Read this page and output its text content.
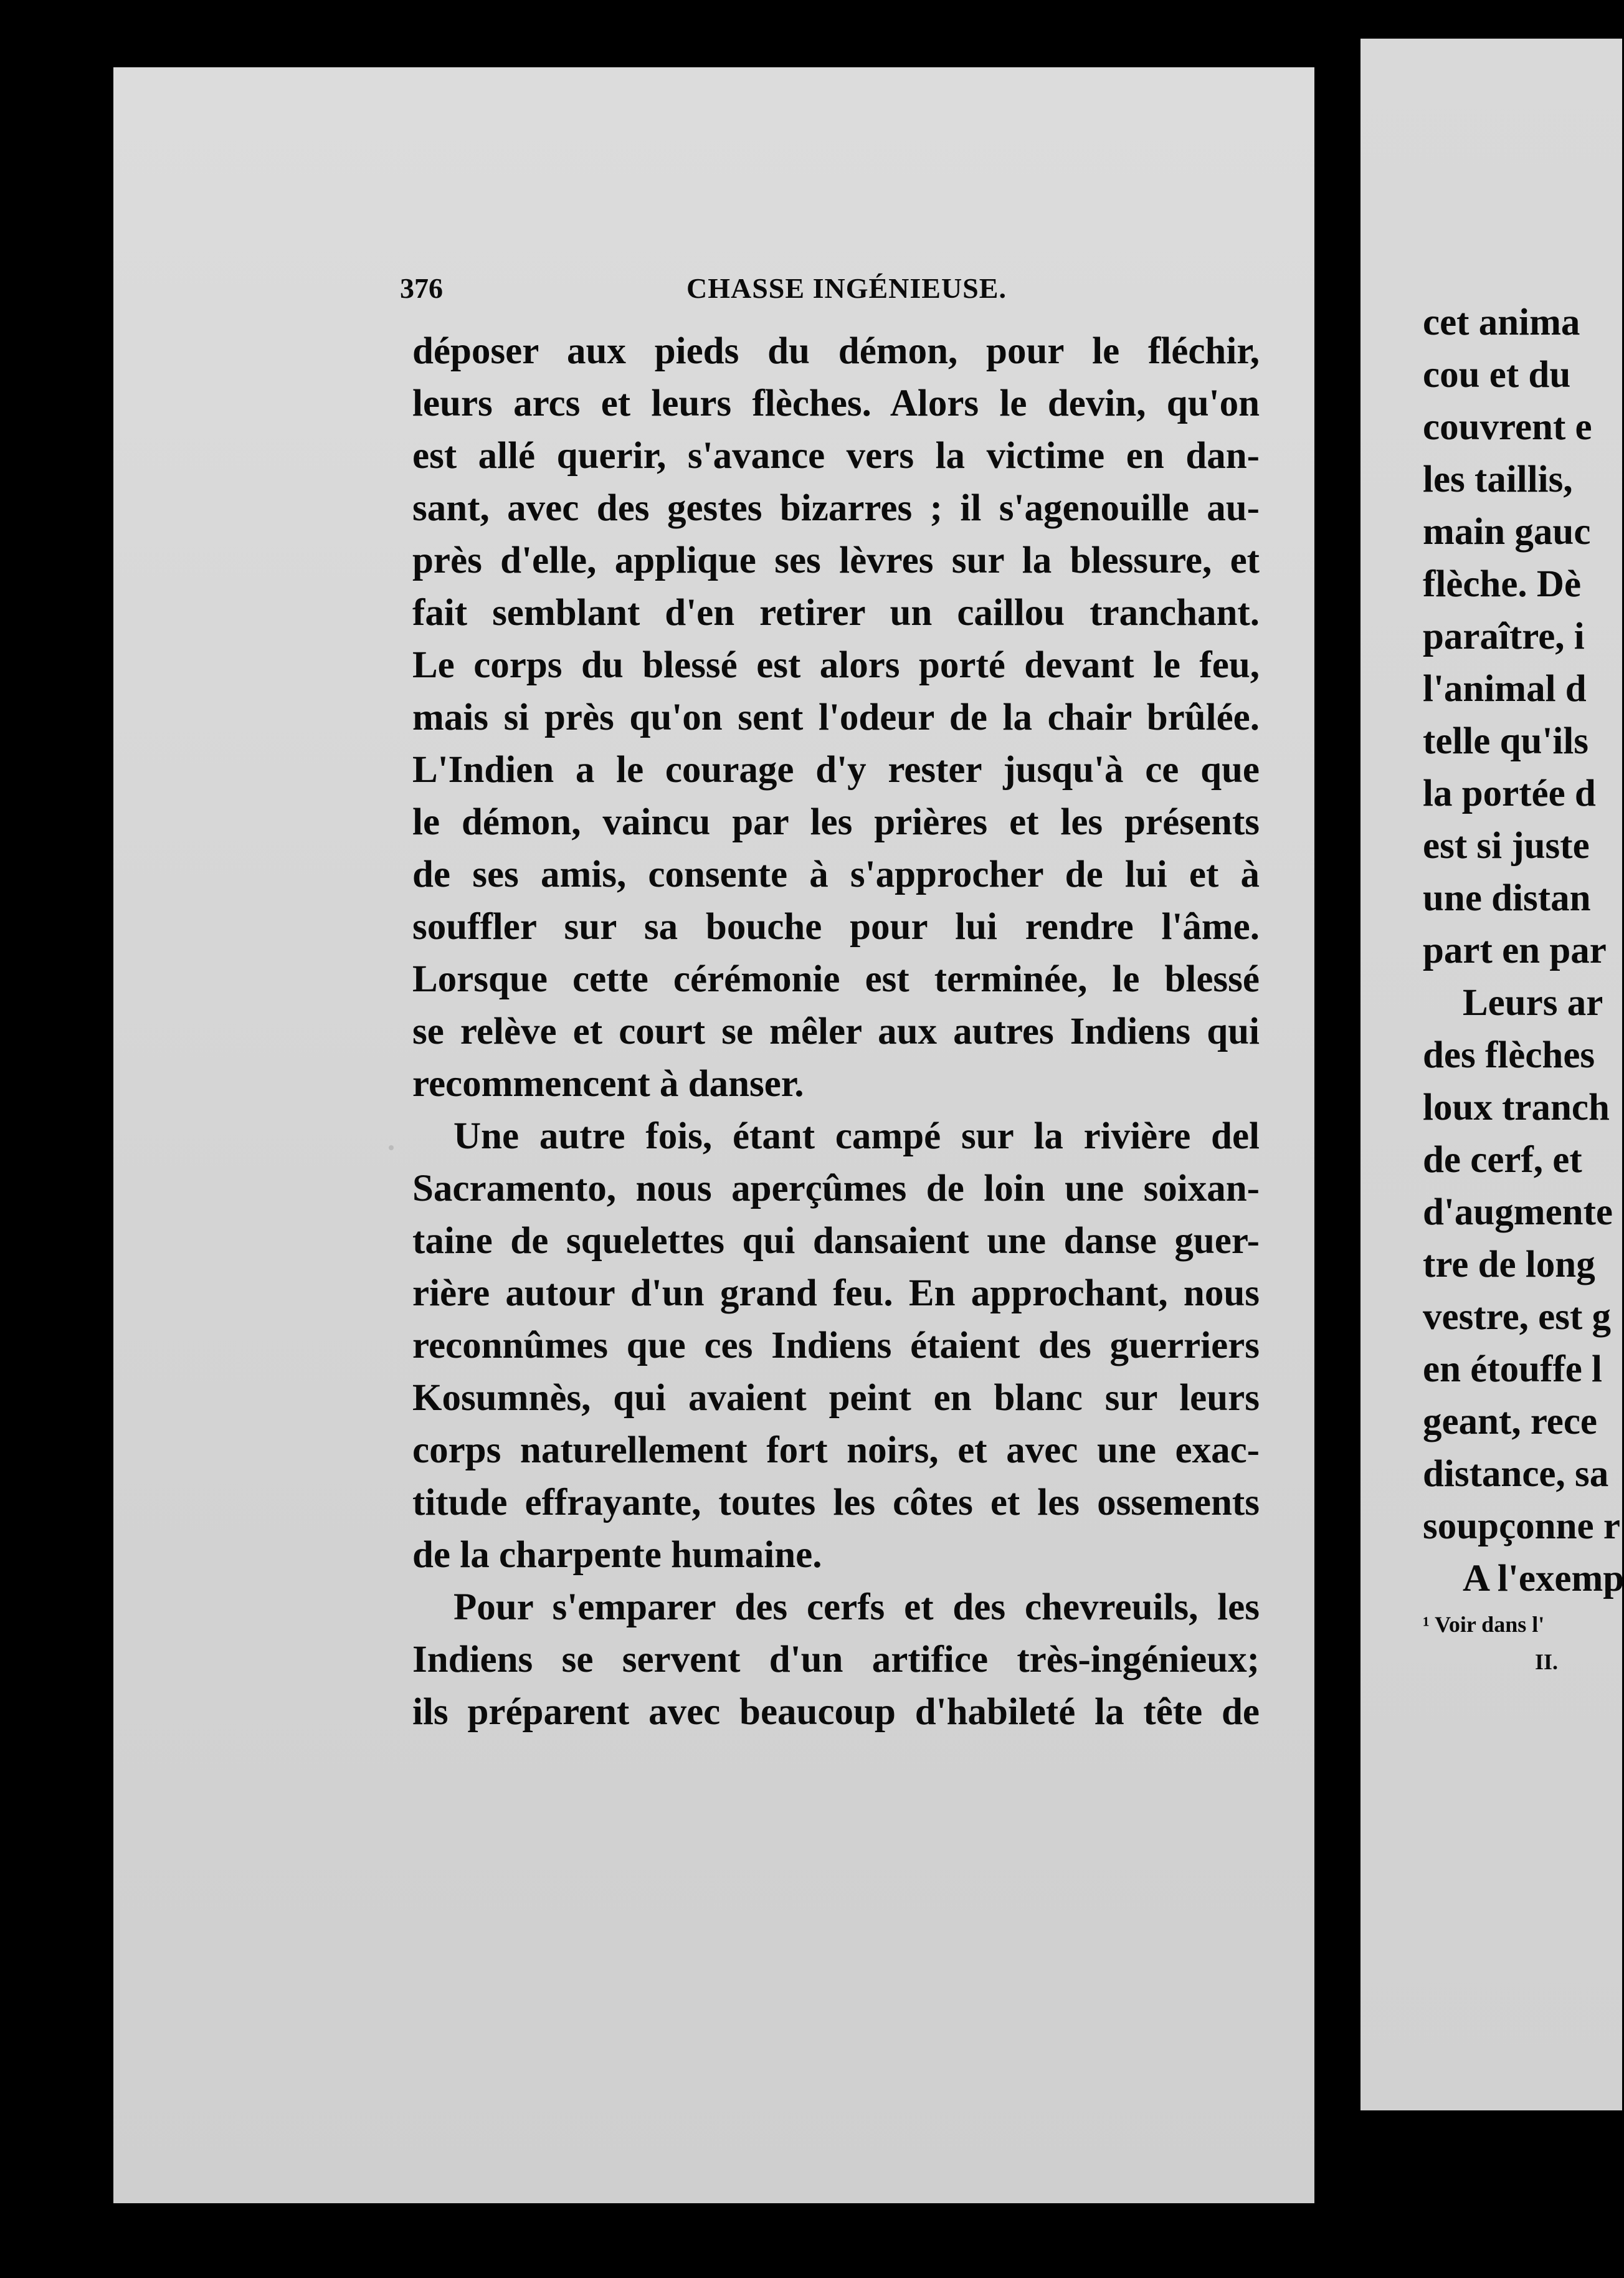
376	CHASSE INGÉNIEUSE.
déposer aux pieds du démon, pour le fléchir,
leurs arcs et leurs flèches. Alors le devin, qu'on
est allé querir, s'avance vers la victime en dan-
sant, avec des gestes bizarres ; il s'agenouille au-
près d'elle, applique ses lèvres sur la blessure, et
fait semblant d'en retirer un caillou tranchant.
Le corps du blessé est alors porté devant le feu,
mais si près qu'on sent l'odeur de la chair brûlée.
L'Indien a le courage d'y rester jusqu'à ce que
le démon, vaincu par les prières et les présents
de ses amis, consente à s'approcher de lui et à
souffler sur sa bouche pour lui rendre l'âme.
Lorsque cette cérémonie est terminée, le blessé
se relève et court se mêler aux autres Indiens qui
recommencent à danser.
Une autre fois, étant campé sur la rivière del
Sacramento, nous aperçûmes de loin une soixan-
taine de squelettes qui dansaient une danse guer-
rière autour d'un grand feu. En approchant, nous
reconnûmes que ces Indiens étaient des guerriers
Kosumnès, qui avaient peint en blanc sur leurs
corps naturellement fort noirs, et avec une exac-
titude effrayante, toutes les côtes et les ossements
de la charpente humaine.
Pour s'emparer des cerfs et des chevreuils, les
Indiens se servent d'un artifice très-ingénieux;
ils préparent avec beaucoup d'habileté la tête de
cet anima
cou et du
couvrent e
les taillis,
main gauc
flèche. Dè
paraître, i
l'animal d
telle qu'ils
la portée d
est si juste
une distan
part en par
Leurs ar
des flèches
loux tranch
de cerf, et
d'augmente
tre de long
vestre, est g
en étouffe l
geant, rece
distance, sa
soupçonne r
A l'exemp
¹ Voir dans l'
II.
